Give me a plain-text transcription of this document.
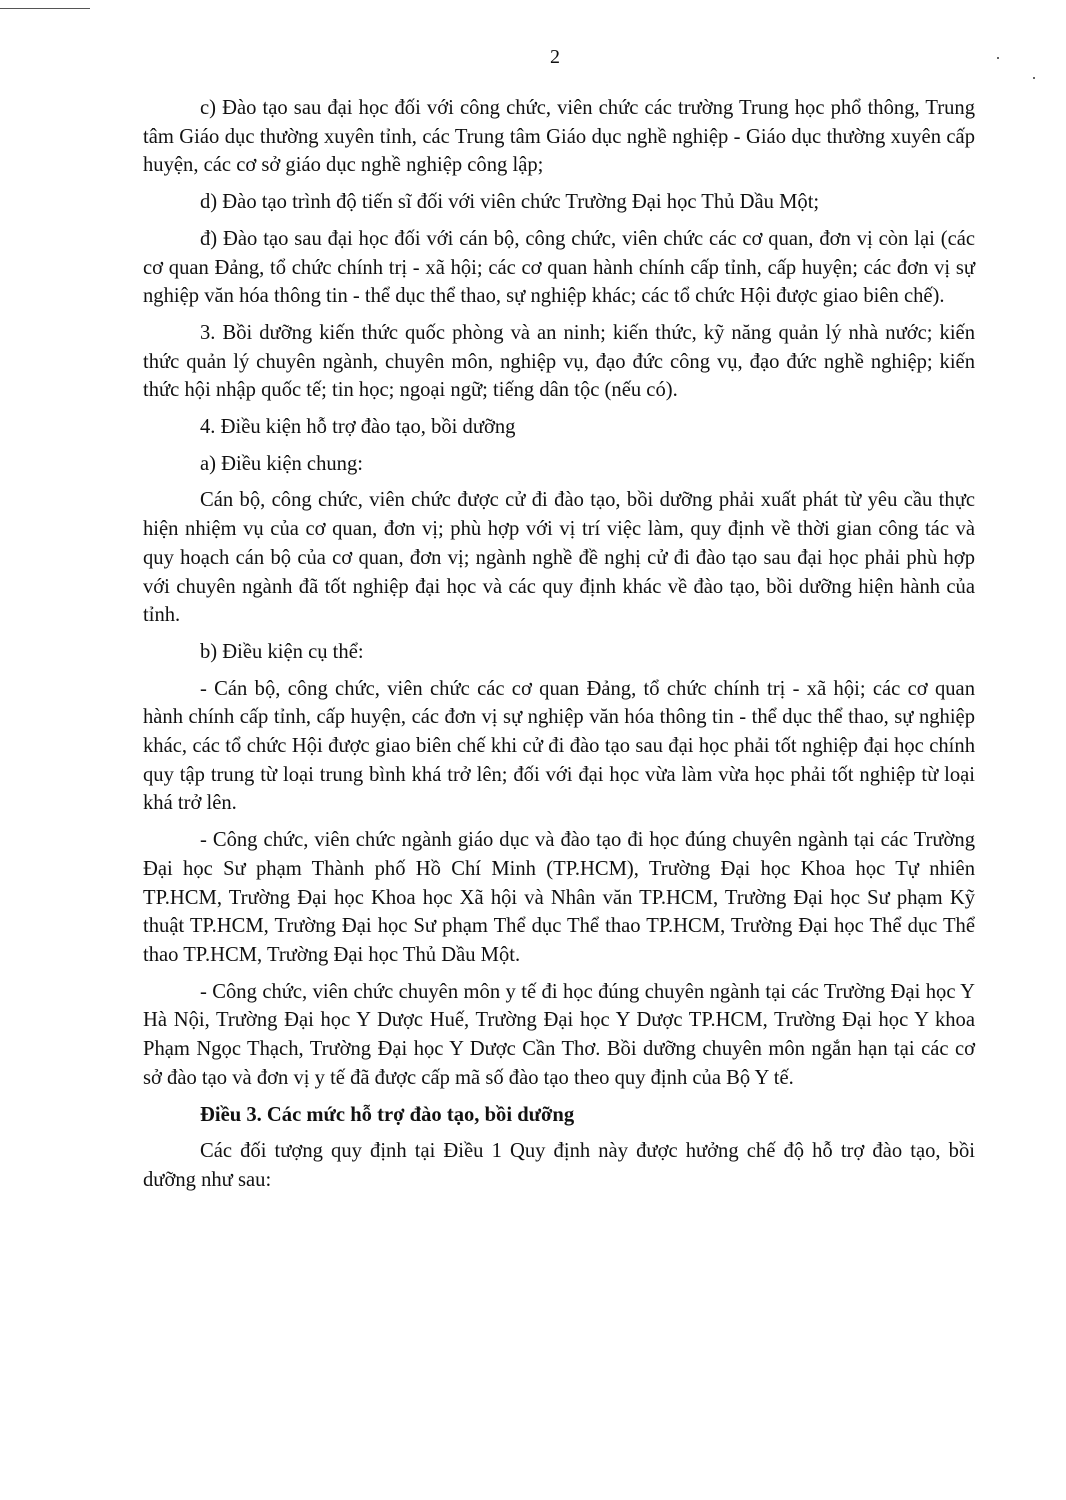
2

c) Đào tạo sau đại học đối với công chức, viên chức các trường Trung học phổ thông, Trung tâm Giáo dục thường xuyên tỉnh, các Trung tâm Giáo dục nghề nghiệp - Giáo dục thường xuyên cấp huyện, các cơ sở giáo dục nghề nghiệp công lập;

d) Đào tạo trình độ tiến sĩ đối với viên chức Trường Đại học Thủ Dầu Một;

đ) Đào tạo sau đại học đối với cán bộ, công chức, viên chức các cơ quan, đơn vị còn lại (các cơ quan Đảng, tổ chức chính trị - xã hội; các cơ quan hành chính cấp tỉnh, cấp huyện; các đơn vị sự nghiệp văn hóa thông tin - thể dục thể thao, sự nghiệp khác; các tổ chức Hội được giao biên chế).

3. Bồi dưỡng kiến thức quốc phòng và an ninh; kiến thức, kỹ năng quản lý nhà nước; kiến thức quản lý chuyên ngành, chuyên môn, nghiệp vụ, đạo đức công vụ, đạo đức nghề nghiệp; kiến thức hội nhập quốc tế; tin học; ngoại ngữ; tiếng dân tộc (nếu có).

4. Điều kiện hỗ trợ đào tạo, bồi dưỡng

a) Điều kiện chung:

Cán bộ, công chức, viên chức được cử đi đào tạo, bồi dưỡng phải xuất phát từ yêu cầu thực hiện nhiệm vụ của cơ quan, đơn vị; phù hợp với vị trí việc làm, quy định về thời gian công tác và quy hoạch cán bộ của cơ quan, đơn vị; ngành nghề đề nghị cử đi đào tạo sau đại học phải phù hợp với chuyên ngành đã tốt nghiệp đại học và các quy định khác về đào tạo, bồi dưỡng hiện hành của tỉnh.

b) Điều kiện cụ thể:

- Cán bộ, công chức, viên chức các cơ quan Đảng, tổ chức chính trị - xã hội; các cơ quan hành chính cấp tỉnh, cấp huyện, các đơn vị sự nghiệp văn hóa thông tin - thể dục thể thao, sự nghiệp khác, các tổ chức Hội được giao biên chế khi cử đi đào tạo sau đại học phải tốt nghiệp đại học chính quy tập trung từ loại trung bình khá trở lên; đối với đại học vừa làm vừa học phải tốt nghiệp từ loại khá trở lên.

- Công chức, viên chức ngành giáo dục và đào tạo đi học đúng chuyên ngành tại các Trường Đại học Sư phạm Thành phố Hồ Chí Minh (TP.HCM), Trường Đại học Khoa học Tự nhiên TP.HCM, Trường Đại học Khoa học Xã hội và Nhân văn TP.HCM, Trường Đại học Sư phạm Kỹ thuật TP.HCM, Trường Đại học Sư phạm Thể dục Thể thao TP.HCM, Trường Đại học Thể dục Thể thao TP.HCM, Trường Đại học Thủ Dầu Một.

- Công chức, viên chức chuyên môn y tế đi học đúng chuyên ngành tại các Trường Đại học Y Hà Nội, Trường Đại học Y Dược Huế, Trường Đại học Y Dược TP.HCM, Trường Đại học Y khoa Phạm Ngọc Thạch, Trường Đại học Y Dược Cần Thơ. Bồi dưỡng chuyên môn ngắn hạn tại các cơ sở đào tạo và đơn vị y tế đã được cấp mã số đào tạo theo quy định của Bộ Y tế.

Điều 3. Các mức hỗ trợ đào tạo, bồi dưỡng

Các đối tượng quy định tại Điều 1 Quy định này được hưởng chế độ hỗ trợ đào tạo, bồi dưỡng như sau:
